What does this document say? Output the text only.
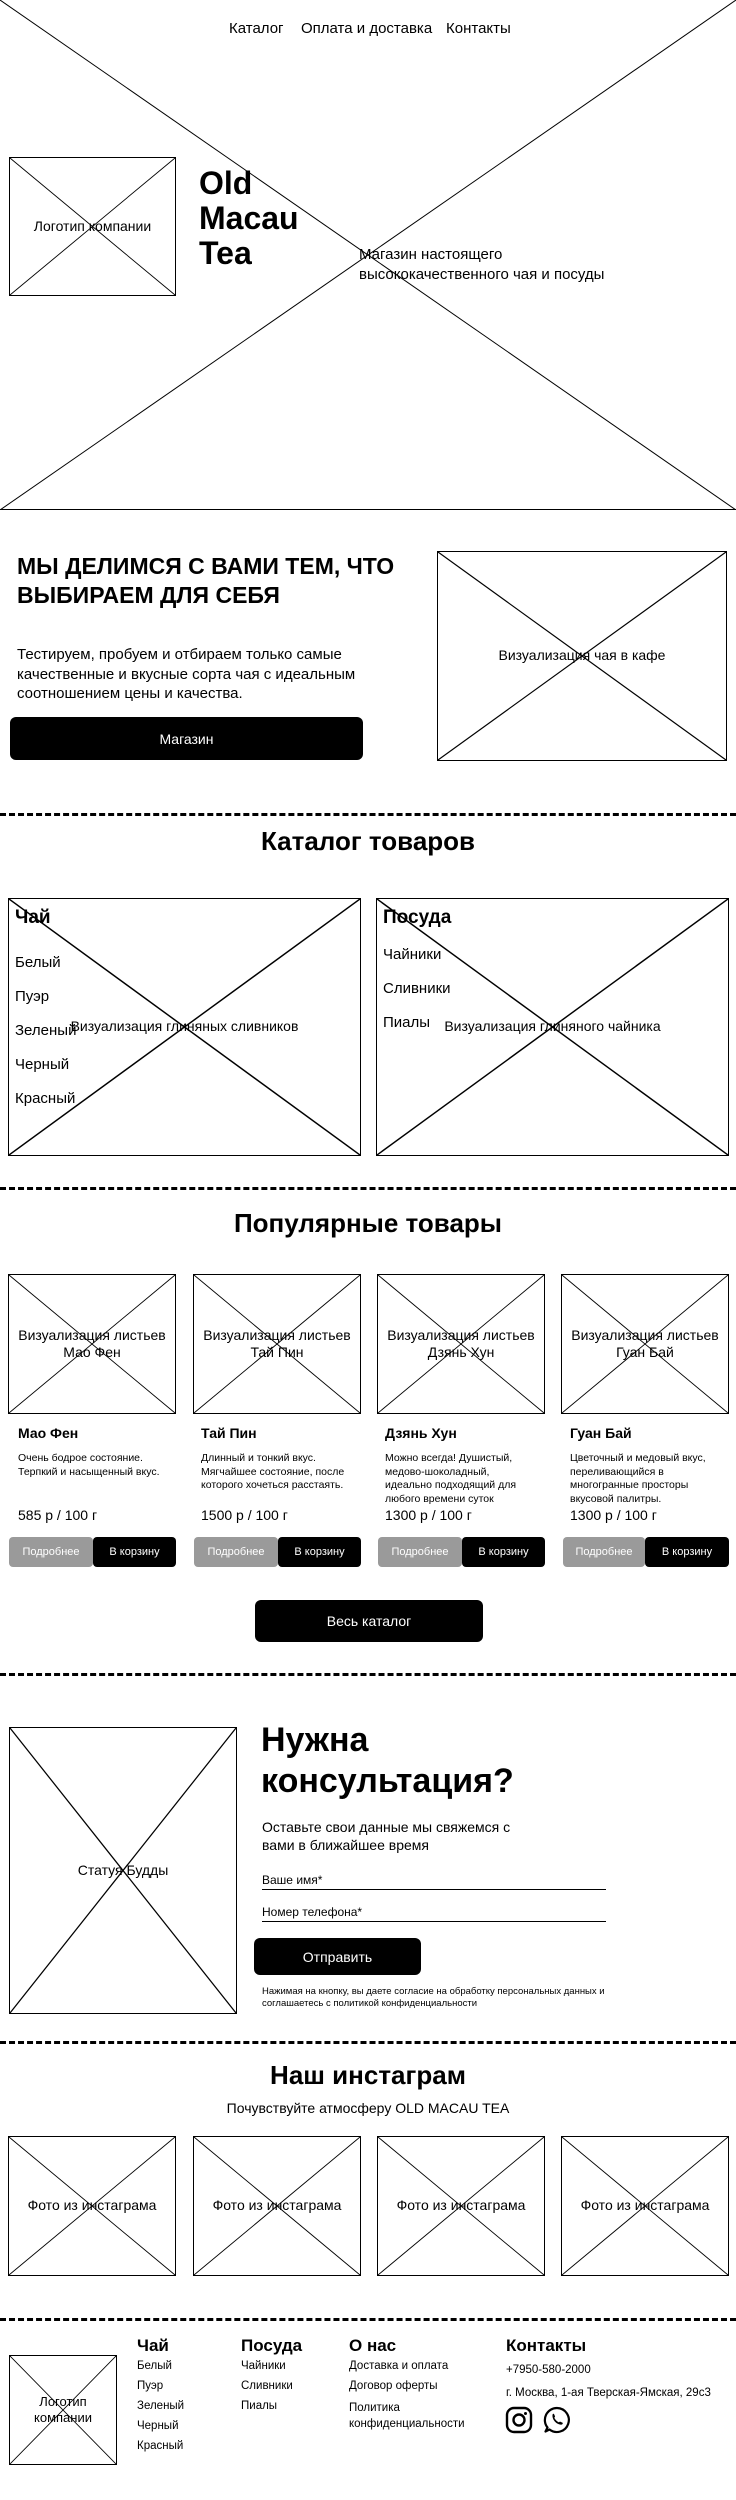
Каталог Оплата и доставка Контакты
Логотип компании
Old
Macau
Tea	Магазин настоящего высококачественного чая и посуды
МЫ ДЕЛИМСЯ С ВАМИ ТЕМ, ЧТО ВЫБИРАЕМ ДЛЯ СЕБЯ
Тестируем, пробуем и отбираем только самые качественные и вкусные сорта чая с идеальным соотношением цены и качества.
Магазин
Визуализация чая в кафе
Каталог товаров
Визуализация глиняных сливников
Чай
Белый
Пуэр
Зеленый
Черный
Красный
Визуализация глиняного чайника
Посуда
Чайники
Сливники
Пиалы
Популярные товары
Визуализация листьев Мао Фен
Мао Фен
Очень бодрое состояние. Терпкий и насыщенный вкус.
585 р / 100 г
Подробнее	В корзину
Визуализация листьев Тай Пин
Тай Пин
Длинный и тонкий вкус. Мягчайшее состояние, после которого хочеться расстаять.
1500 р / 100 г
Подробнее	В корзину
Визуализация листьев Дзянь Хун
Дзянь Хун
Можно всегда! Душистый, медово-шоколадный, идеально подходящий для любого времени суток
1300 р / 100 г
Подробнее	В корзину
Визуализация листьев Гуан Бай
Гуан Бай
Цветочный и медовый вкус, переливающийся в многогранные просторы вкусовой палитры.
1300 р / 100 г
Подробнее	В корзину
Весь каталог
Статуя Будды
Нужна
консультация?
Оставьте свои данные мы свяжемся с вами в ближайшее время
Ваше имя*
Номер телефона*
Отправить
Нажимая на кнопку, вы даете согласие на обработку персональных данных и соглашаетесь c политикой конфиденциальности
Наш инстаграм
Почувствуйте атмосферу OLD MACAU TEA
Фото из инстаграма	Фото из инстаграма	Фото из инстаграма	Фото из инстаграма
Логотип компании
Чай
Белый
Пуэр
Зеленый
Черный
Красный
Посуда
Чайники
Сливники
Пиалы
О нас
Доставка и оплата
Договор оферты
Политика конфиденциальности
Контакты
+7950-580-2000
г. Москва, 1-ая Тверская-Ямская, 29с3
